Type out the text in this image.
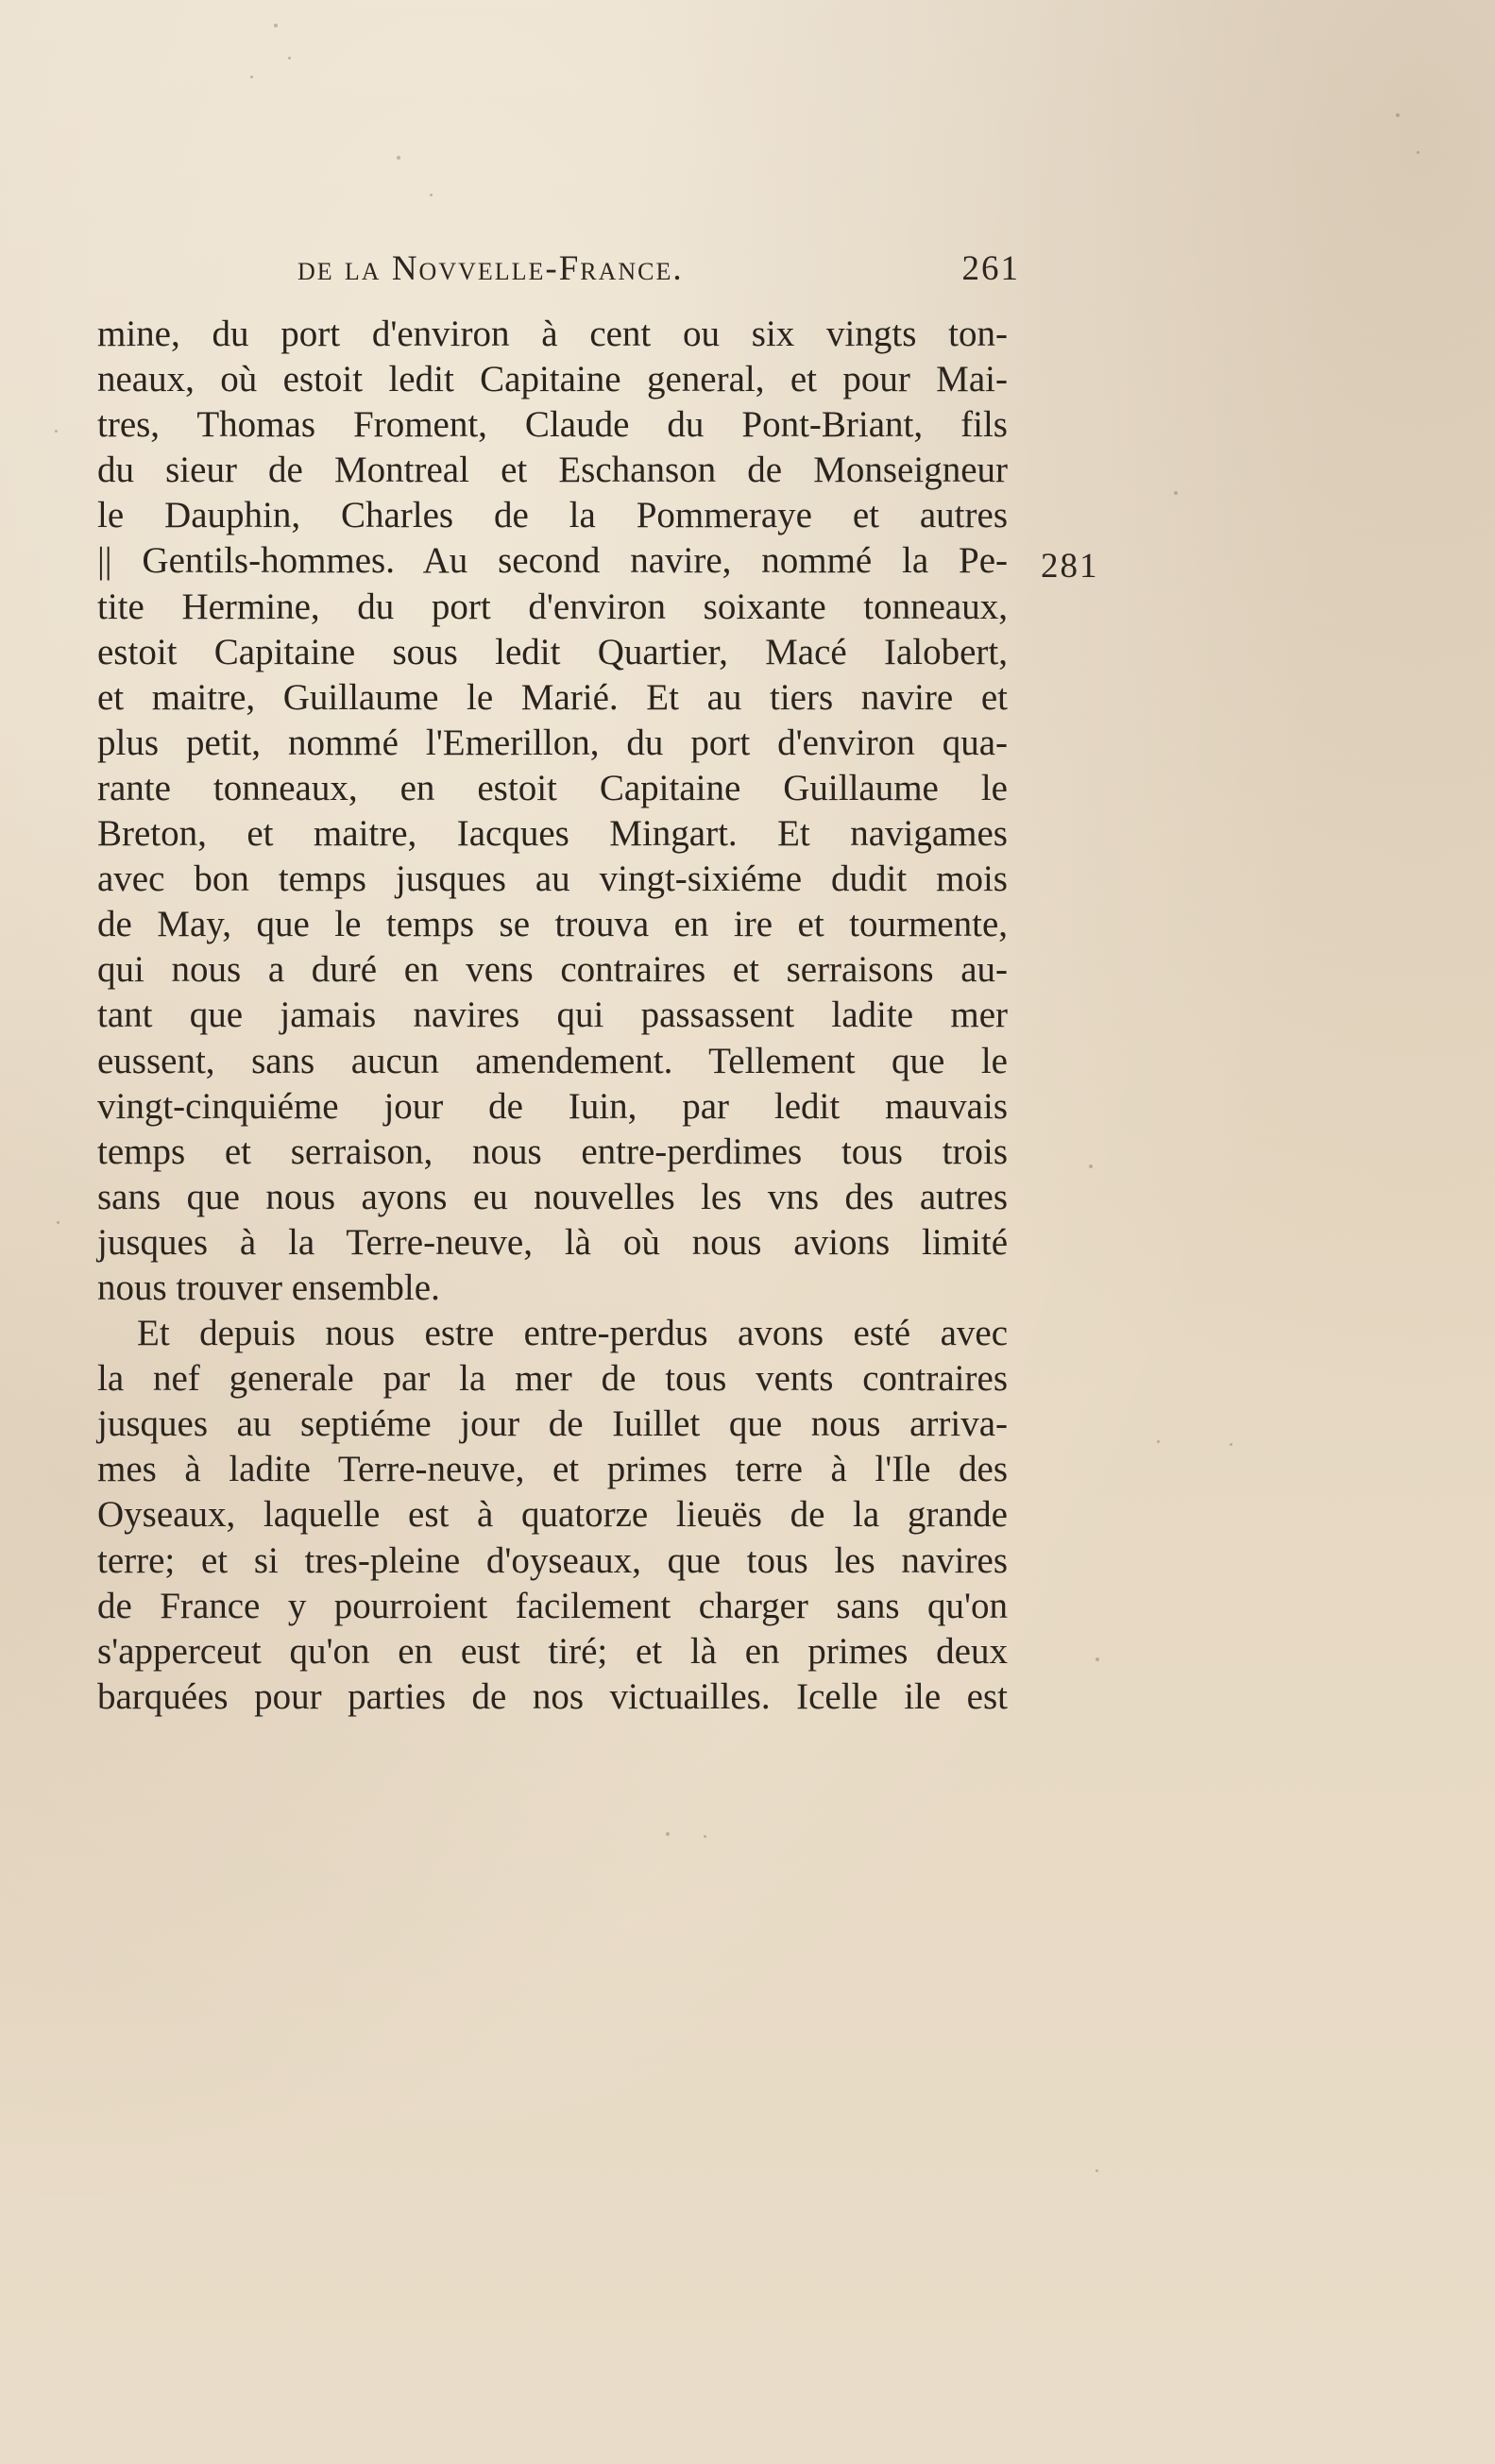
de la Novvelle-France.	261
281
mine, du port d'environ à cent ou six vingts ton-
neaux, où estoit ledit Capitaine general, et pour Mai-
tres, Thomas Froment, Claude du Pont-Briant, fils
du sieur de Montreal et Eschanson de Monseigneur
le Dauphin, Charles de la Pommeraye et autres
|| Gentils-hommes. Au second navire, nommé la Pe-
tite Hermine, du port d'environ soixante tonneaux,
estoit Capitaine sous ledit Quartier, Macé Ialobert,
et maitre, Guillaume le Marié. Et au tiers navire et
plus petit, nommé l'Emerillon, du port d'environ qua-
rante tonneaux, en estoit Capitaine Guillaume le
Breton, et maitre, Iacques Mingart. Et navigames
avec bon temps jusques au vingt-sixiéme dudit mois
de May, que le temps se trouva en ire et tourmente,
qui nous a duré en vens contraires et serraisons au-
tant que jamais navires qui passassent ladite mer
eussent, sans aucun amendement. Tellement que le
vingt-cinquiéme jour de Iuin, par ledit mauvais
temps et serraison, nous entre-perdimes tous trois
sans que nous ayons eu nouvelles les vns des autres
jusques à la Terre-neuve, là où nous avions limité
nous trouver ensemble.
Et depuis nous estre entre-perdus avons esté avec
la nef generale par la mer de tous vents contraires
jusques au septiéme jour de Iuillet que nous arriva-
mes à ladite Terre-neuve, et primes terre à l'Ile des
Oyseaux, laquelle est à quatorze lieuës de la grande
terre; et si tres-pleine d'oyseaux, que tous les navires
de France y pourroient facilement charger sans qu'on
s'apperceut qu'on en eust tiré; et là en primes deux
barquées pour parties de nos victuailles. Icelle ile est
